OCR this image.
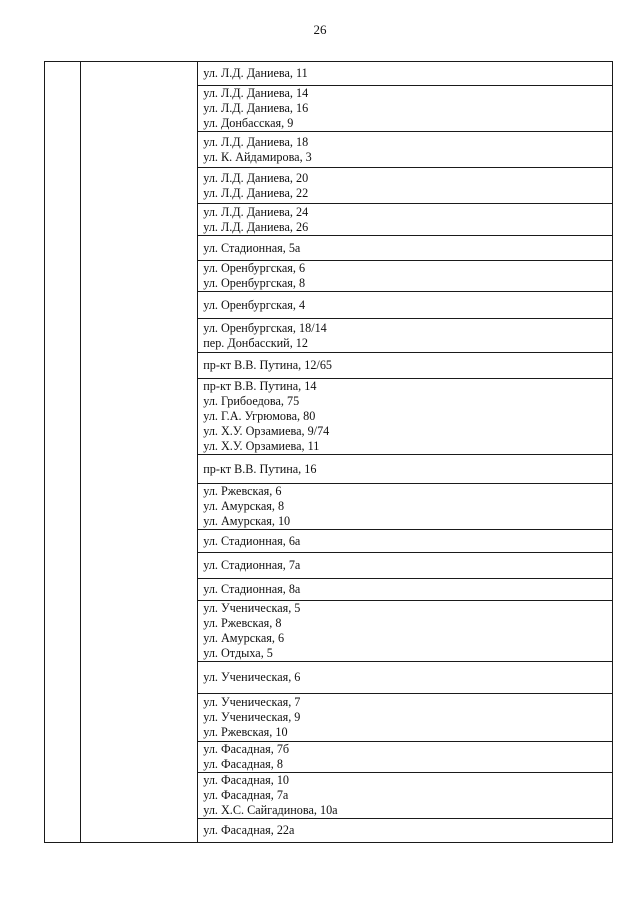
26

ул. Л.Д. Даниева, 11

ул. Л.Д. Даниева, 14
ул. Л.Д. Даниева, 16
ул. Донбасская, 9

ул. Л.Д. Даниева, 18
ул. К. Айдамирова, 3

ул. Л.Д. Даниева, 20
ул. Л.Д. Даниева, 22

ул. Л.Д. Даниева, 24
ул. Л.Д. Даниева, 26

ул. Стадионная, 5а

ул. Оренбургская, 6
ул. Оренбургская, 8

ул. Оренбургская, 4

ул. Оренбургская, 18/14
пер. Донбасский, 12

пр-кт В.В. Путина, 12/65

пр-кт В.В. Путина, 14
ул. Грибоедова, 75
ул. Г.А. Угрюмова, 80
ул. Х.У. Орзамиева, 9/74
ул. Х.У. Орзамиева, 11

пр-кт В.В. Путина, 16

ул. Ржевская, 6
ул. Амурская, 8
ул. Амурская, 10

ул. Стадионная, 6а

ул. Стадионная, 7а

ул. Стадионная, 8а

ул. Ученическая, 5
ул. Ржевская, 8
ул. Амурская, 6
ул. Отдыха, 5

ул. Ученическая, 6

ул. Ученическая, 7
ул. Ученическая, 9
ул. Ржевская, 10

ул. Фасадная, 7б
ул. Фасадная, 8

ул. Фасадная, 10
ул. Фасадная, 7а
ул. Х.С. Сайгадинова, 10а

ул. Фасадная, 22а
